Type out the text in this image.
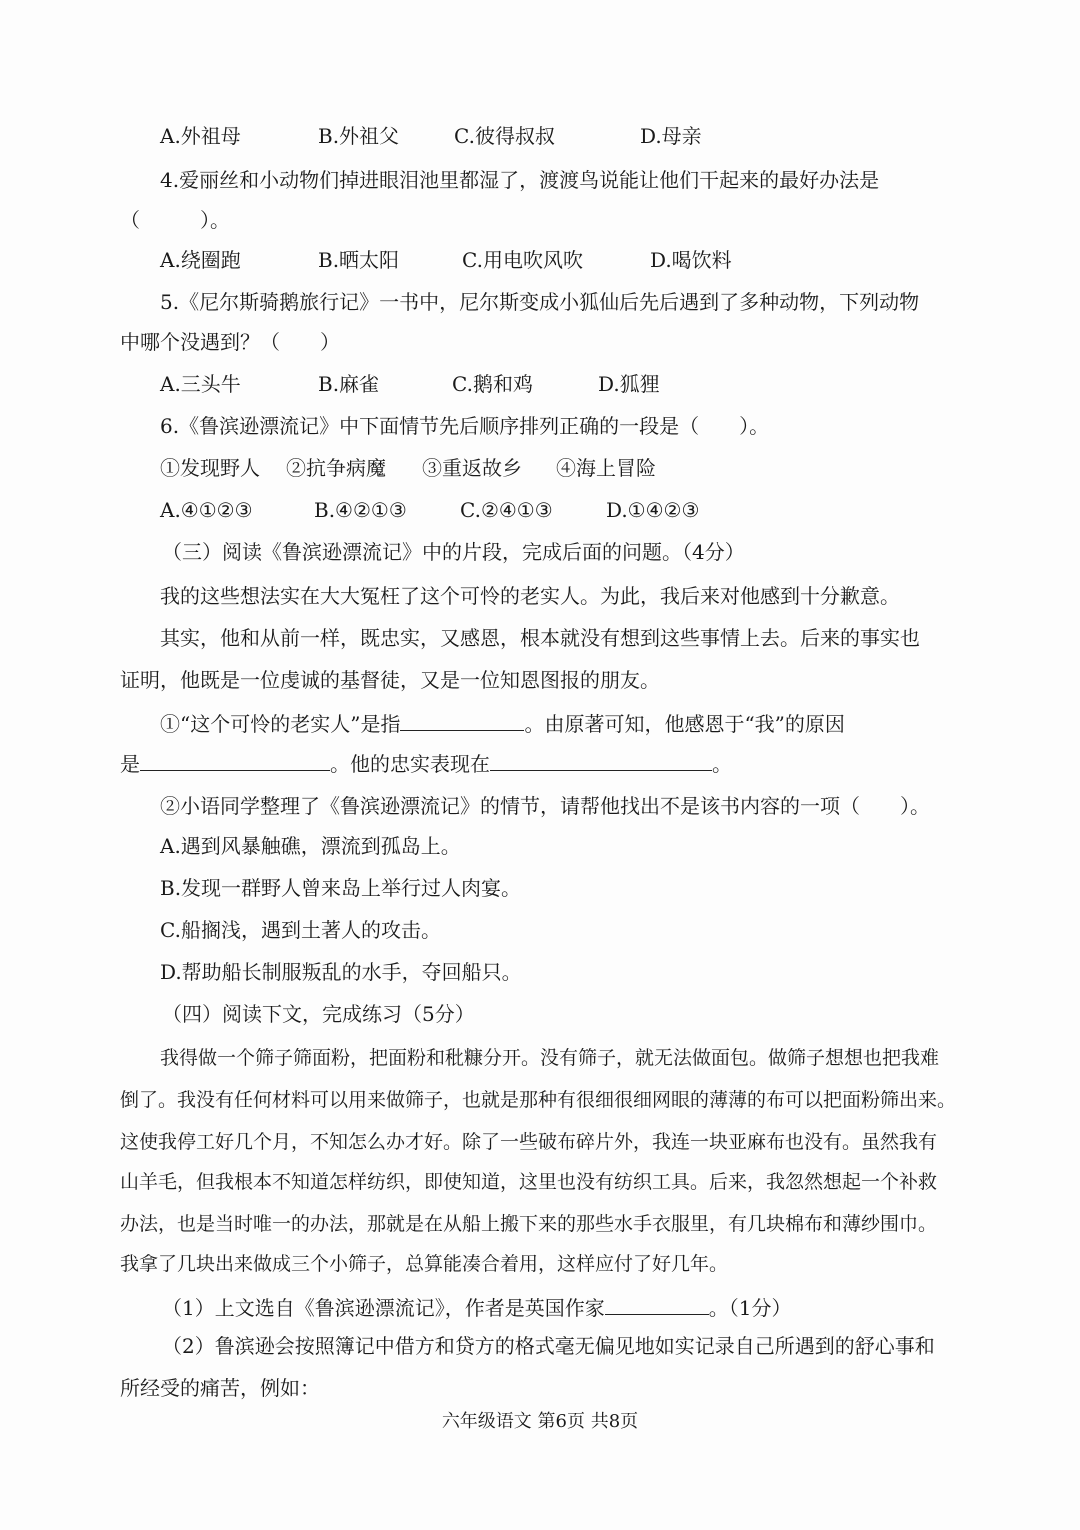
A.外祖母	B.外祖父	C.彼得叔叔	D.母亲
4.爱丽丝和小动物们掉进眼泪池里都湿了，渡渡鸟说能让他们干起来的最好办法是
（　　　）。
A.绕圈跑	B.晒太阳	C.用电吹风吹	D.喝饮料
5.《尼尔斯骑鹅旅行记》一书中，尼尔斯变成小狐仙后先后遇到了多种动物，下列动物
中哪个没遇到？（　　）
A.三头牛	B.麻雀	C.鹅和鸡	D.狐狸
6.《鲁滨逊漂流记》中下面情节先后顺序排列正确的一段是（　　）。
①发现野人 ②抗争病魔 ③重返故乡 ④海上冒险
A.④①②③	B.④②①③	C.②④①③	D.①④②③
（三）阅读《鲁滨逊漂流记》中的片段，完成后面的问题。（4分）
我的这些想法实在大大冤枉了这个可怜的老实人。为此，我后来对他感到十分歉意。
其实，他和从前一样，既忠实，又感恩，根本就没有想到这些事情上去。后来的事实也
证明，他既是一位虔诚的基督徒，又是一位知恩图报的朋友。
①“这个可怜的老实人”是指	。由原著可知，他感恩于“我”的原因
是	。他的忠实表现在	。
②小语同学整理了《鲁滨逊漂流记》的情节，请帮他找出不是该书内容的一项（　　）。
A.遇到风暴触礁，漂流到孤岛上。
B.发现一群野人曾来岛上举行过人肉宴。
C.船搁浅，遇到土著人的攻击。
D.帮助船长制服叛乱的水手，夺回船只。
（四）阅读下文，完成练习（5分）
我得做一个筛子筛面粉，把面粉和秕糠分开。没有筛子，就无法做面包。做筛子想想也把我难
倒了。我没有任何材料可以用来做筛子，也就是那种有很细很细网眼的薄薄的布可以把面粉筛出来。
这使我停工好几个月，不知怎么办才好。除了一些破布碎片外，我连一块亚麻布也没有。虽然我有
山羊毛，但我根本不知道怎样纺织，即使知道，这里也没有纺织工具。后来，我忽然想起一个补救
办法，也是当时唯一的办法，那就是在从船上搬下来的那些水手衣服里，有几块棉布和薄纱围巾。
我拿了几块出来做成三个小筛子，总算能凑合着用，这样应付了好几年。
（1）上文选自《鲁滨逊漂流记》，作者是英国作家	。（1分）
（2）鲁滨逊会按照簿记中借方和贷方的格式毫无偏见地如实记录自己所遇到的舒心事和
所经受的痛苦，例如：
六年级语文 第6页 共8页
